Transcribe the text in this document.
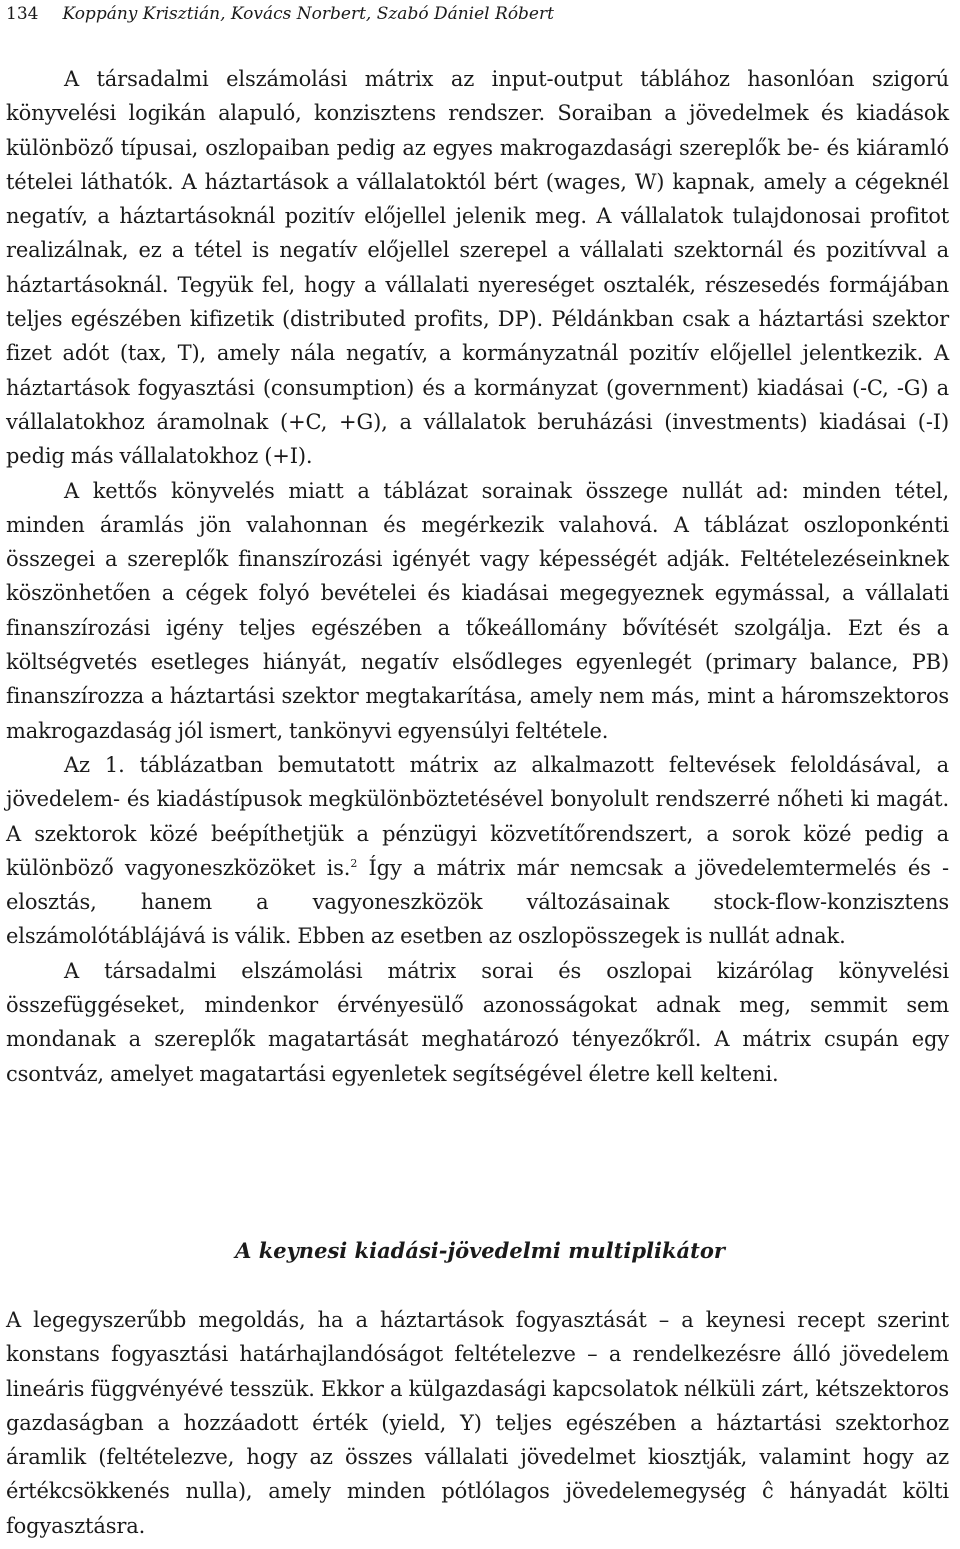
134 Koppány Krisztián, Kovács Norbert, Szabó Dániel Róbert

A társadalmi elszámolási mátrix az input-output táblához hasonlóan szigorú könyvelési logikán alapuló, konzisztens rendszer. Soraiban a jövedelmek és kiadások különböző típusai, oszlopaiban pedig az egyes makrogazdasági szereplők be- és kiáramló tételei láthatók. A háztartások a vállalatoktól bért (wages, W) kapnak, amely a cégeknél negatív, a háztartásoknál pozitív előjellel jelenik meg. A vállalatok tulajdonosai profitot realizálnak, ez a tétel is negatív előjellel szerepel a vállalati szektornál és pozitívval a háztartásoknál. Tegyük fel, hogy a vállalati nyereséget osztalék, részesedés formájában teljes egészében kifizetik (distributed profits, DP). Példánkban csak a háztartási szektor fizet adót (tax, T), amely nála negatív, a kormányzatnál pozitív előjellel jelentkezik. A háztartások fogyasztási (consumption) és a kormányzat (government) kiadásai (-C, -G) a vállalatokhoz áramolnak (+C, +G), a vállalatok beruházási (investments) kiadásai (-I) pedig más vállalatokhoz (+I).

A kettős könyvelés miatt a táblázat sorainak összege nullát ad: minden tétel, minden áramlás jön valahonnan és megérkezik valahová. A táblázat oszloponkénti összegei a szereplők finanszírozási igényét vagy képességét adják. Feltételezéseinknek köszönhetően a cégek folyó bevételei és kiadásai megegyeznek egymással, a vállalati finanszírozási igény teljes egészében a tőkeállomány bővítését szolgálja. Ezt és a költségvetés esetleges hiányát, negatív elsődleges egyenlegét (primary balance, PB) finanszírozza a háztartási szektor megtakarítása, amely nem más, mint a háromszektoros makrogazdaság jól ismert, tankönyvi egyensúlyi feltétele.

Az 1. táblázatban bemutatott mátrix az alkalmazott feltevések feloldásával, a jövedelem- és kiadástípusok megkülönböztetésével bonyolult rendszerré nőheti ki magát. A szektorok közé beépíthetjük a pénzügyi közvetítőrendszert, a sorok közé pedig a különböző vagyoneszközöket is.$^2$ Így a mátrix már nemcsak a jövedelemtermelés és -elosztás, hanem a vagyoneszközök változásainak stock-flow-konzisztens elszámolótáblájává is válik. Ebben az esetben az oszlopösszegek is nullát adnak.

A társadalmi elszámolási mátrix sorai és oszlopai kizárólag könyvelési összefüggéseket, mindenkor érvényesülő azonosságokat adnak meg, semmit sem mondanak a szereplők magatartását meghatározó tényezőkről. A mátrix csupán egy csontváz, amelyet magatartási egyenletek segítségével életre kell kelteni.

A keynesi kiadási-jövedelmi multiplikátor

A legegyszerűbb megoldás, ha a háztartások fogyasztását – a keynesi recept szerint konstans fogyasztási határhajlandóságot feltételezve – a rendelkezésre álló jövedelem lineáris függvényévé tesszük. Ekkor a külgazdasági kapcsolatok nélküli zárt, kétszektoros gazdaságban a hozzáadott érték (yield, Y) teljes egészében a háztartási szektorhoz áramlik (feltételezve, hogy az összes vállalati jövedelmet kiosztják, valamint hogy az értékcsökkenés nulla), amely minden pótlólagos jövedelemegység ĉ hányadát költi fogyasztásra.
